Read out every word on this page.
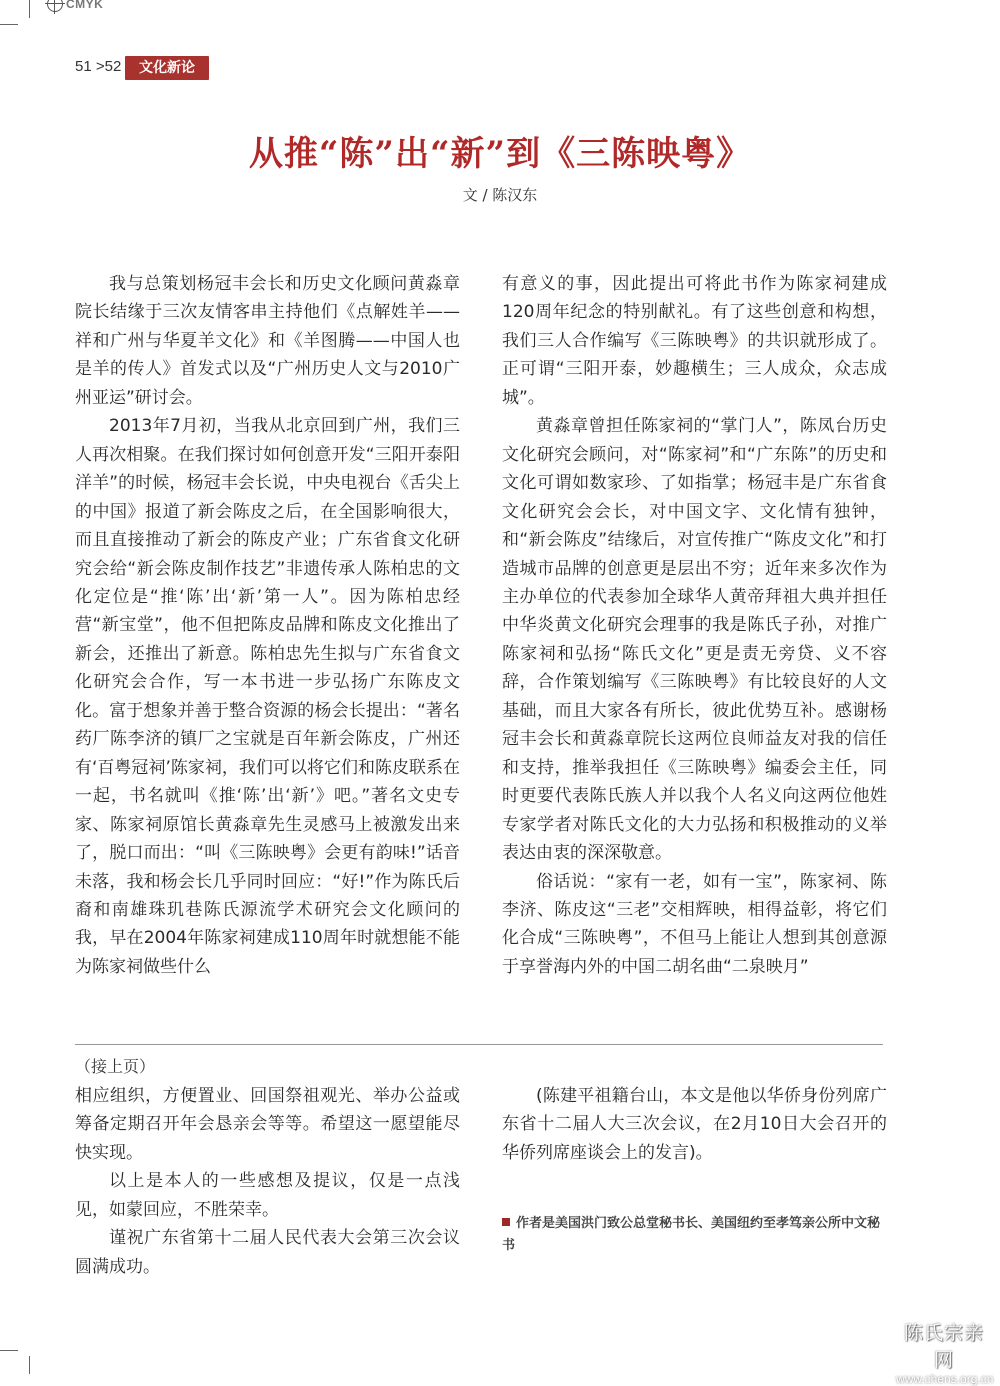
CMYK
51 >52	文化新论
从推“陈”出“新”到《三陈映粤》
文 / 陈汉东

我与总策划杨冠丰会长和历史文化顾问黄淼章院长结缘于三次友情客串主持他们《点解姓羊——祥和广州与华夏羊文化》和《羊图腾——中国人也是羊的传人》首发式以及“广州历史人文与2010广州亚运”研讨会。

2013年7月初，当我从北京回到广州，我们三人再次相聚。在我们探讨如何创意开发“三阳开泰阳洋羊”的时候，杨冠丰会长说，中央电视台《舌尖上的中国》报道了新会陈皮之后，在全国影响很大，而且直接推动了新会的陈皮产业；广东省食文化研究会给“新会陈皮制作技艺”非遗传承人陈柏忠的文化定位是“推‘陈’出‘新’第一人”。因为陈柏忠经营“新宝堂”，他不但把陈皮品牌和陈皮文化推出了新会，还推出了新意。陈柏忠先生拟与广东省食文化研究会合作，写一本书进一步弘扬广东陈皮文化。富于想象并善于整合资源的杨会长提出：“著名药厂陈李济的镇厂之宝就是百年新会陈皮，广州还有‘百粤冠祠’陈家祠，我们可以将它们和陈皮联系在一起，书名就叫《推‘陈’出‘新’》吧。”著名文史专家、陈家祠原馆长黄淼章先生灵感马上被激发出来了，脱口而出：“叫《三陈映粤》会更有韵味!”话音未落，我和杨会长几乎同时回应：“好!”作为陈氏后裔和南雄珠玑巷陈氏源流学术研究会文化顾问的我，早在2004年陈家祠建成110周年时就想能不能为陈家祠做些什么

有意义的事，因此提出可将此书作为陈家祠建成120周年纪念的特别献礼。有了这些创意和构想，我们三人合作编写《三陈映粤》的共识就形成了。正可谓“三阳开泰，妙趣横生；三人成众，众志成城”。

黄淼章曾担任陈家祠的“掌门人”，陈凤台历史文化研究会顾问，对“陈家祠”和“广东陈”的历史和文化可谓如数家珍、了如指掌；杨冠丰是广东省食文化研究会会长，对中国文字、文化情有独钟，和“新会陈皮”结缘后，对宣传推广“陈皮文化”和打造城市品牌的创意更是层出不穷；近年来多次作为主办单位的代表参加全球华人黄帝拜祖大典并担任中华炎黄文化研究会理事的我是陈氏子孙，对推广陈家祠和弘扬“陈氏文化”更是责无旁贷、义不容辞，合作策划编写《三陈映粤》有比较良好的人文基础，而且大家各有所长，彼此优势互补。感谢杨冠丰会长和黄淼章院长这两位良师益友对我的信任和支持，推举我担任《三陈映粤》编委会主任，同时更要代表陈氏族人并以我个人名义向这两位他姓专家学者对陈氏文化的大力弘扬和积极推动的义举表达由衷的深深敬意。

俗话说：“家有一老，如有一宝”，陈家祠、陈李济、陈皮这“三老”交相辉映，相得益彰，将它们化合成“三陈映粤”，不但马上能让人想到其创意源于享誉海内外的中国二胡名曲“二泉映月”

（接上页）

相应组织，方便置业、回国祭祖观光、举办公益或筹备定期召开年会恳亲会等等。希望这一愿望能尽快实现。

以上是本人的一些感想及提议，仅是一点浅见，如蒙回应，不胜荣幸。

谨祝广东省第十二届人民代表大会第三次会议圆满成功。

(陈建平祖籍台山，本文是他以华侨身份列席广东省十二届人大三次会议，在2月10日大会召开的华侨列席座谈会上的发言)。

作者是美国洪门致公总堂秘书长、美国纽约至孝笃亲公所中文秘书
陈氏宗亲网
www.chens.org.cn
